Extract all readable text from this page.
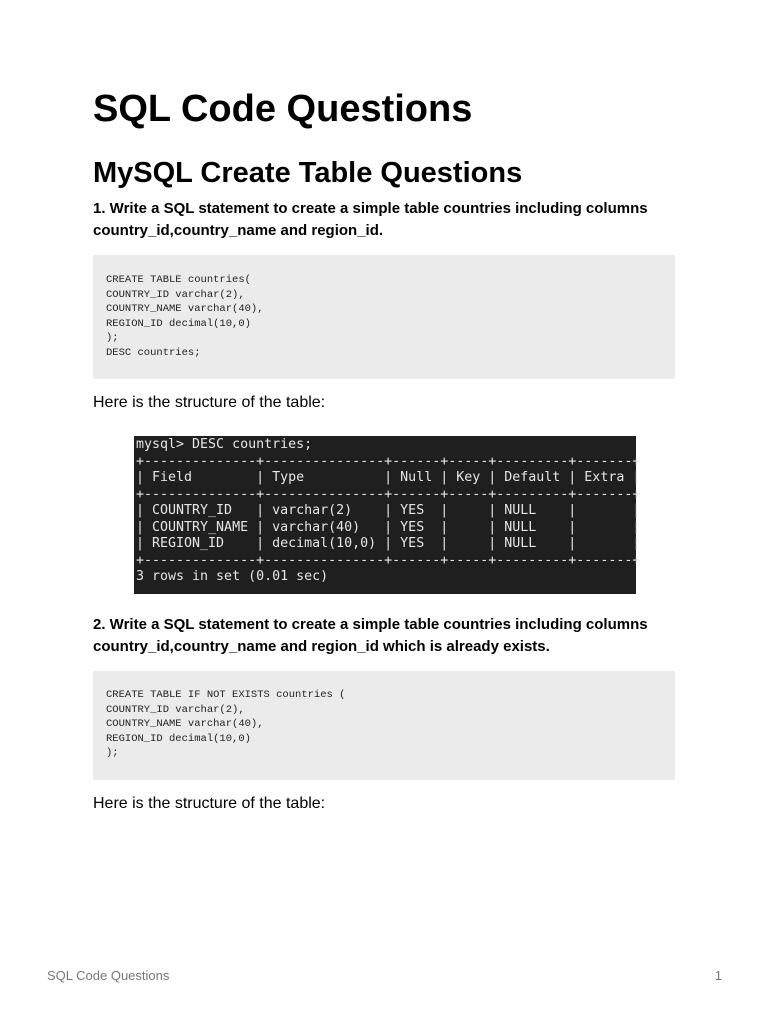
SQL Code Questions
MySQL Create Table Questions

1. Write a SQL statement to create a simple table countries including columns country_id,country_name and region_id.

CREATE TABLE countries(
COUNTRY_ID varchar(2),
COUNTRY_NAME varchar(40),
REGION_ID decimal(10,0)
);
DESC countries;

Here is the structure of the table:

mysql> DESC countries;
+--------------+---------------+------+-----+---------+-------+
| Field        | Type          | Null | Key | Default | Extra |
+--------------+---------------+------+-----+---------+-------+
| COUNTRY_ID   | varchar(2)    | YES  |     | NULL    |       |
| COUNTRY_NAME | varchar(40)   | YES  |     | NULL    |       |
| REGION_ID    | decimal(10,0) | YES  |     | NULL    |       |
+--------------+---------------+------+-----+---------+-------+
3 rows in set (0.01 sec)

2. Write a SQL statement to create a simple table countries including columns country_id,country_name and region_id which is already exists.

CREATE TABLE IF NOT EXISTS countries (
COUNTRY_ID varchar(2),
COUNTRY_NAME varchar(40),
REGION_ID decimal(10,0)
);

Here is the structure of the table:

SQL Code Questions	1
